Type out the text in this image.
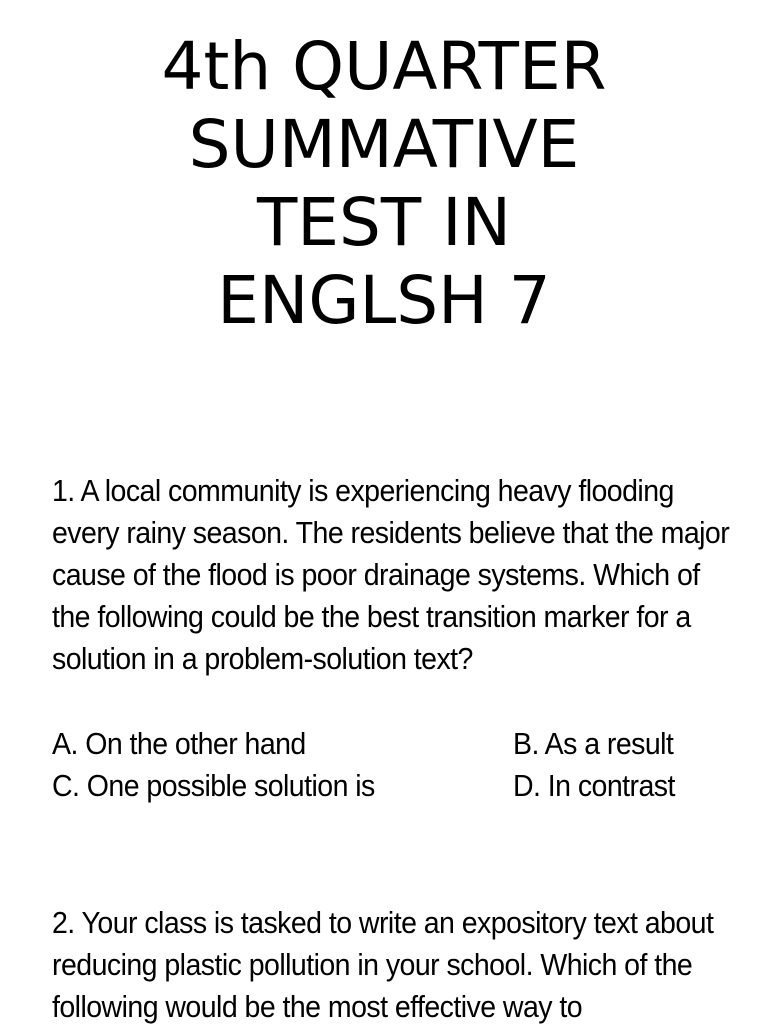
4th QUARTER
SUMMATIVE
TEST IN
ENGLSH 7

1. A local community is experiencing heavy flooding every rainy season. The residents believe that the major cause of the flood is poor drainage systems. Which of the following could be the best transition marker for a solution in a problem-solution text?

A. On the other hand	B. As a result
C. One possible solution is	D. In contrast

2. Your class is tasked to write an expository text about reducing plastic pollution in your school. Which of the following would be the most effective way to
